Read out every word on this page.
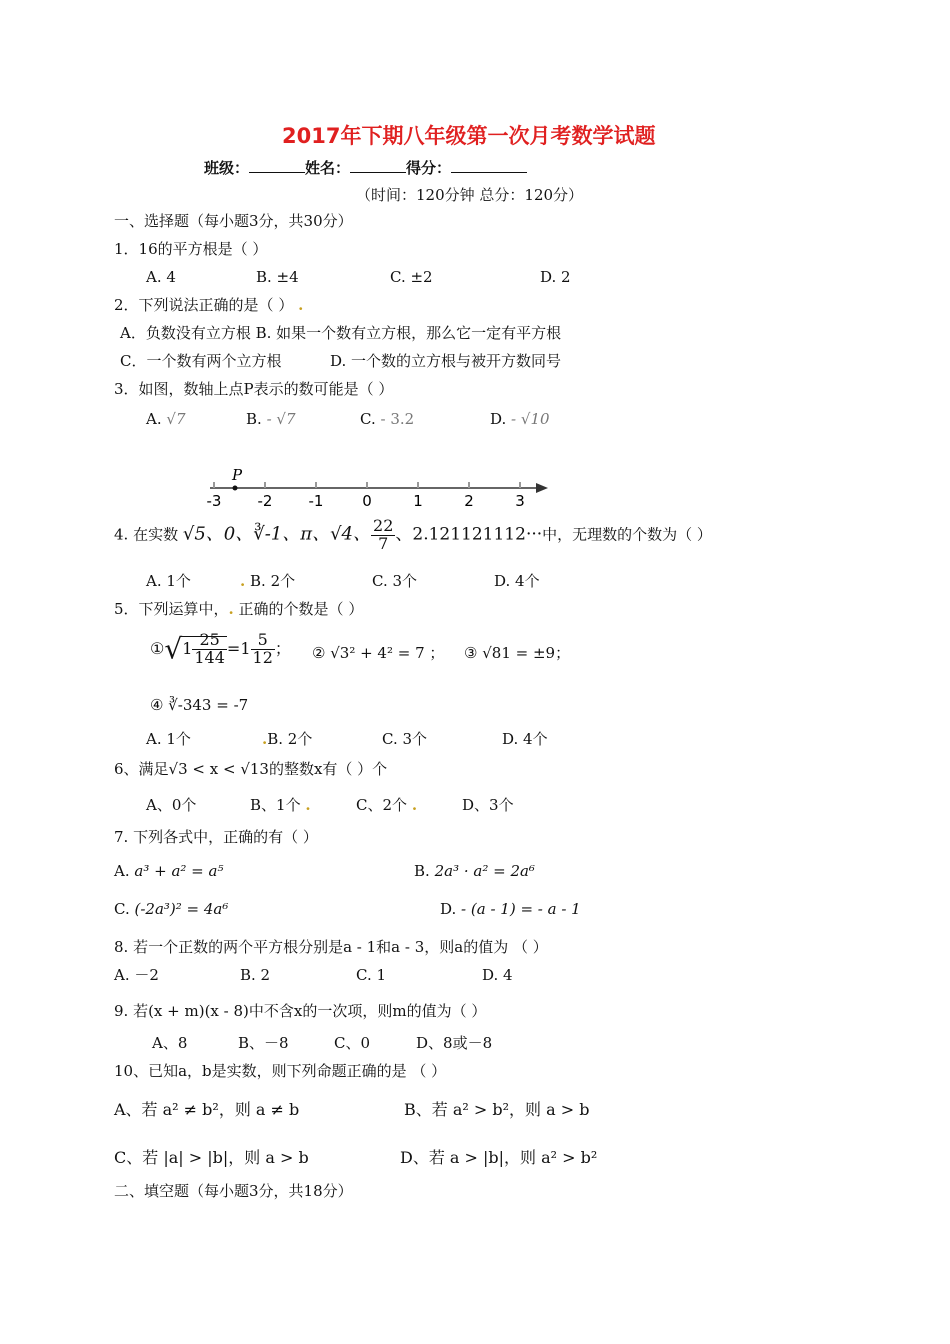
2017年下期八年级第一次月考数学试题
班级：	姓名：	得分：
（时间：120分钟 总分：120分）
一、选择题（每小题3分，共30分）
1．16的平方根是（ ）
A. 4	B. ±4	C. ±2	D. 2
2．下列说法正确的是（ ） .
A．负数没有立方根 B. 如果一个数有立方根，那么它一定有平方根
C．一个数有两个立方根	D. 一个数的立方根与被开方数同号
3．如图，数轴上点P表示的数可能是（ ）
A. √7	B. - √7	C. - 3.2	D. - √10
-3 -2 -1	0	1	2	3
P
4. 在实数 √5、0、∛-1、π、√4、 $\frac{22}{7}$ 、2.121121112···中，无理数的个数为（ ）
A. 1个	. B. 2个	C. 3个	D. 4个
5．下列运算中，. 正确的个数是（ ）
①√1 $\frac{25}{144} =1 \frac{5}{12}$ ； ② √3² + 4² = 7 ； ③ √81 = ±9；
④ ∛-343 = -7
A. 1个	.B. 2个	C. 3个	D. 4个
6、满足√3 < x < √13的整数x有（ ）个
A、0个	B、1个 .	C、2个 .	D、3个
7. 下列各式中，正确的有（ ）
A. a³ + a² = a⁵	B. 2a³ · a² = 2a⁶
C. (-2a³)² = 4a⁶	D. - (a - 1) = - a - 1
8. 若一个正数的两个平方根分别是a - 1和a - 3，则a的值为 （ ）
A. －2	B. 2	C. 1	D. 4
9. 若(x + m)(x - 8)中不含x的一次项，则m的值为（ ）
A、8	B、－8	C、0	D、8或－8
10、已知a，b是实数，则下列命题正确的是 （ ）
A、若 a² ≠ b²，则 a ≠ b	B、若 a² > b²，则 a > b
C、若 |a| > |b|，则 a > b	D、若 a > |b|，则 a² > b²
二、填空题（每小题3分，共18分）
